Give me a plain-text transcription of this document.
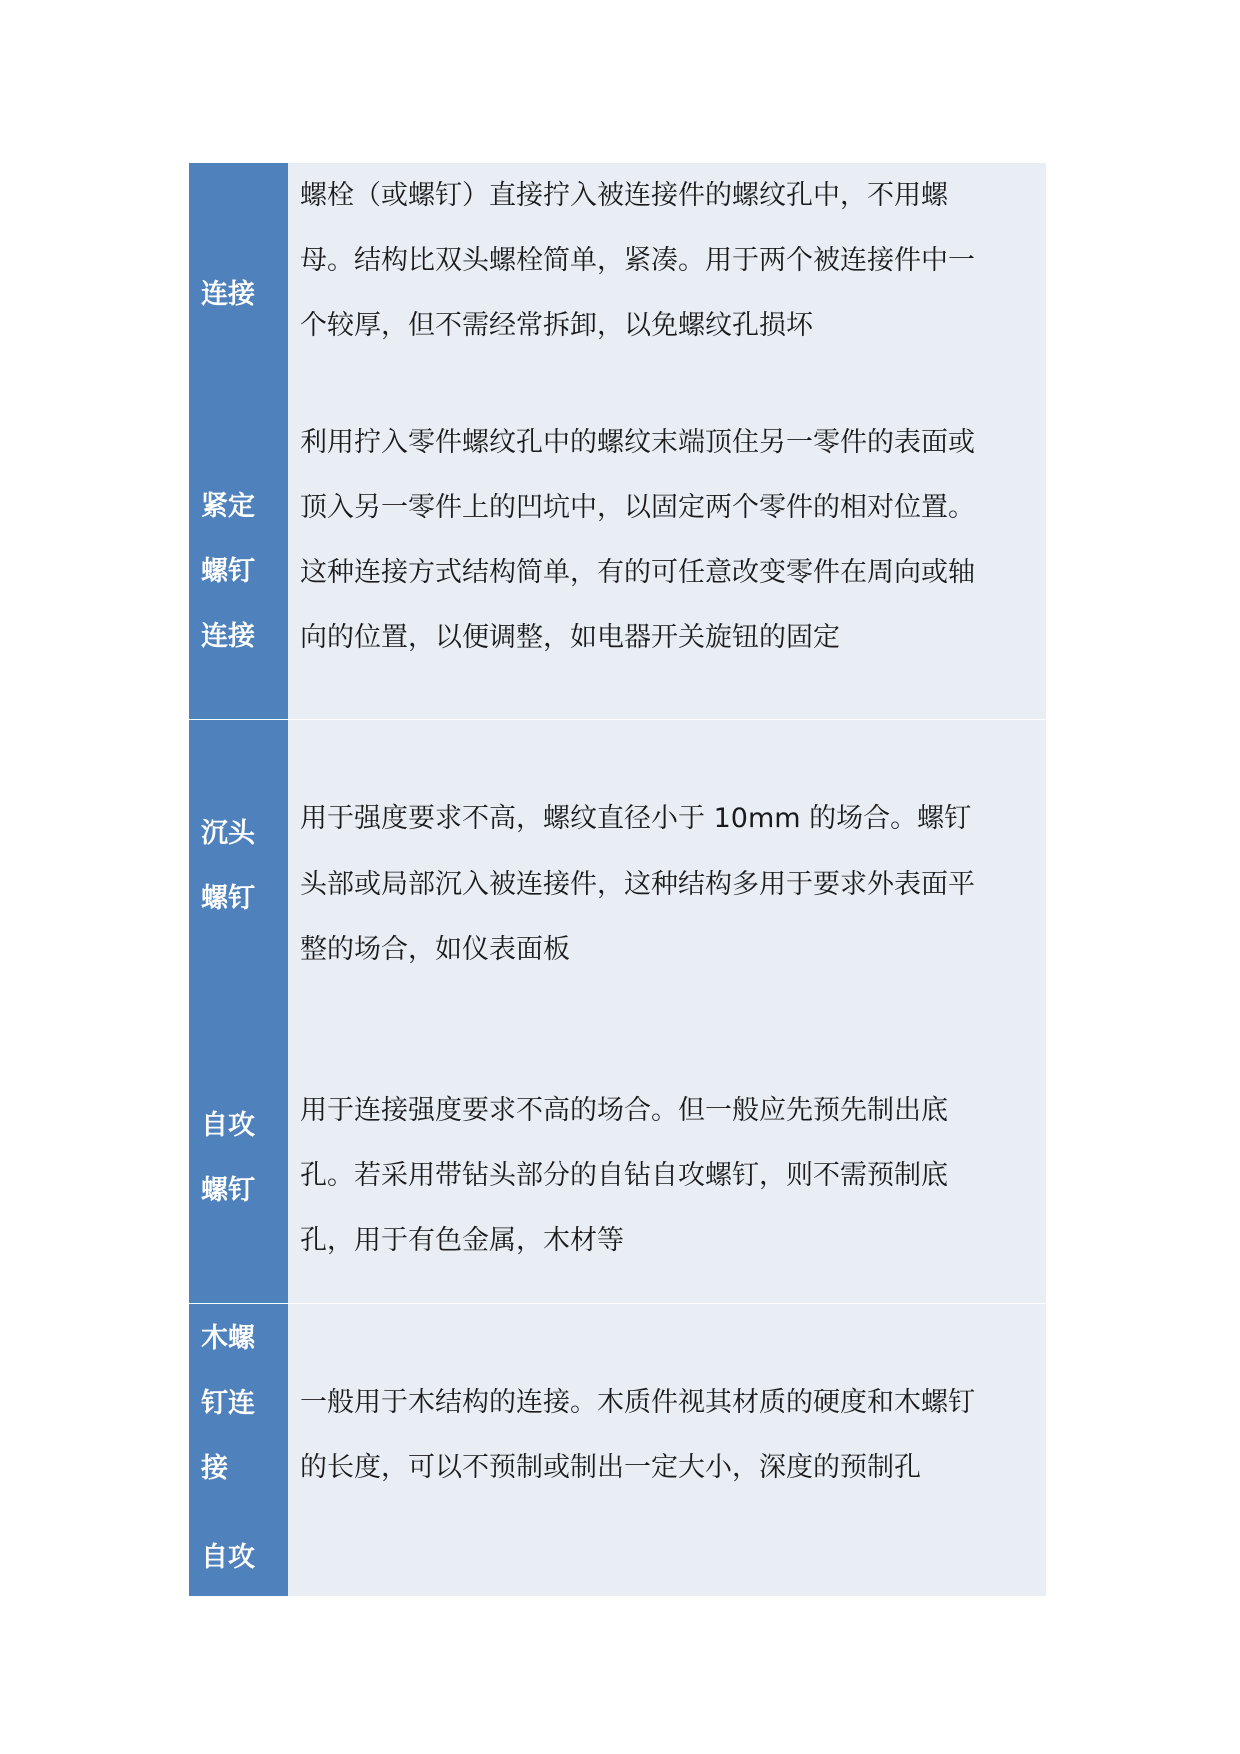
连接
螺栓（或螺钉）直接拧入被连接件的螺纹孔中，不用螺
母。结构比双头螺栓简单，紧凑。用于两个被连接件中一
个较厚，但不需经常拆卸，以免螺纹孔损坏
紧定
螺钉
连接
利用拧入零件螺纹孔中的螺纹末端顶住另一零件的表面或
顶入另一零件上的凹坑中，以固定两个零件的相对位置。
这种连接方式结构简单，有的可任意改变零件在周向或轴
向的位置，以便调整，如电器开关旋钮的固定
沉头
螺钉
用于强度要求不高，螺纹直径小于 10mm 的场合。螺钉
头部或局部沉入被连接件，这种结构多用于要求外表面平
整的场合，如仪表面板
自攻
螺钉
用于连接强度要求不高的场合。但一般应先预先制出底
孔。若采用带钻头部分的自钻自攻螺钉，则不需预制底
孔，用于有色金属，木材等
木螺
钉连
接
自攻
一般用于木结构的连接。木质件视其材质的硬度和木螺钉
的长度，可以不预制或制出一定大小，深度的预制孔
